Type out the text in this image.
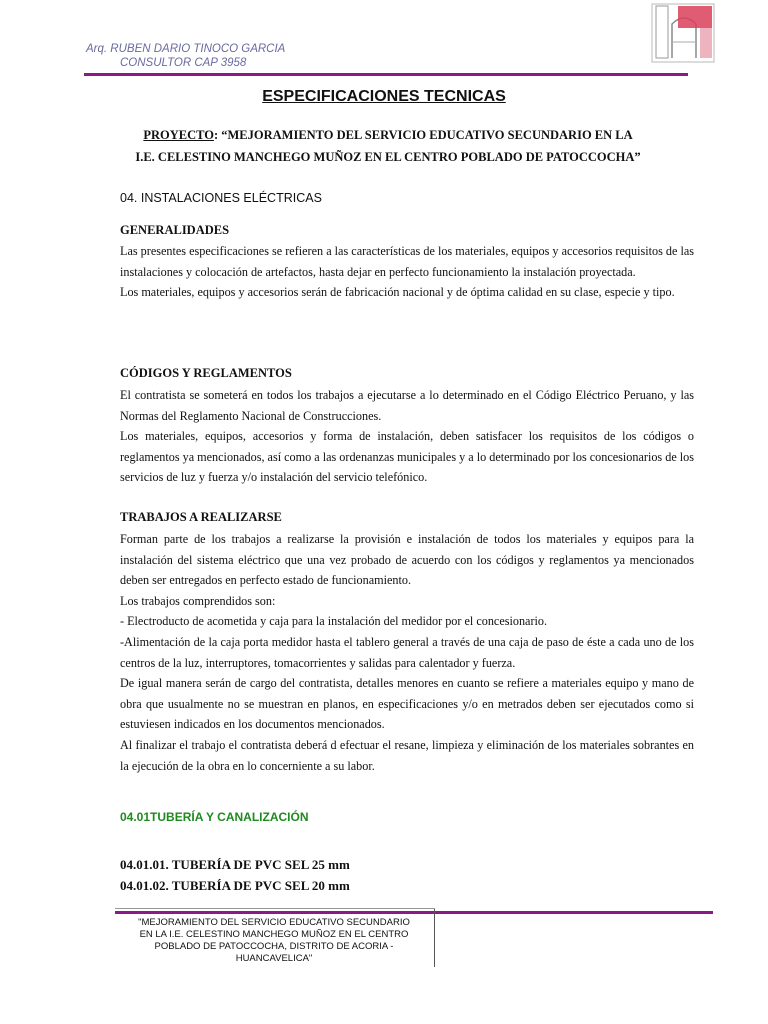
Arq. RUBEN DARIO TINOCO GARCIA
CONSULTOR CAP 3958
ESPECIFICACIONES TECNICAS
PROYECTO: “MEJORAMIENTO DEL SERVICIO EDUCATIVO SECUNDARIO EN LA
I.E. CELESTINO MANCHEGO MUÑOZ EN EL CENTRO POBLADO DE PATOCCOCHA”
04. INSTALACIONES ELÉCTRICAS
GENERALIDADES

Las presentes especificaciones se refieren a las características de los materiales, equipos y accesorios requisitos de las instalaciones y colocación de artefactos, hasta dejar en perfecto funcionamiento la instalación proyectada.

Los materiales, equipos y accesorios serán de fabricación nacional y de óptima calidad en su clase, especie y tipo.

CÓDIGOS Y REGLAMENTOS

El contratista se someterá en todos los trabajos a ejecutarse a lo determinado en el Código Eléctrico Peruano, y las Normas del Reglamento Nacional de Construcciones.

Los materiales, equipos, accesorios y forma de instalación, deben satisfacer los requisitos de los códigos o reglamentos ya mencionados, así como a las ordenanzas municipales y a lo determinado por los concesionarios de los servicios de luz y fuerza y/o instalación del servicio telefónico.

TRABAJOS A REALIZARSE

Forman parte de los trabajos a realizarse la provisión e instalación de todos los materiales y equipos para la instalación del sistema eléctrico que una vez probado de acuerdo con los códigos y reglamentos ya mencionados deben ser entregados en perfecto estado de funcionamiento.

Los trabajos comprendidos son:

- Electroducto de acometida y caja para la instalación del medidor por el concesionario.

-Alimentación de la caja porta medidor hasta el tablero general a través de una caja de paso de éste a cada uno de los centros de la luz, interruptores, tomacorrientes y salidas para calentador y fuerza.

De igual manera serán de cargo del contratista, detalles menores en cuanto se refiere a materiales equipo y mano de obra que usualmente no se muestran en planos, en especificaciones y/o en metrados deben ser ejecutados como si estuviesen indicados en los documentos mencionados.

Al finalizar el trabajo el contratista deberá d efectuar el resane, limpieza y eliminación de los materiales sobrantes en la ejecución de la obra en lo concerniente a su labor.

04.01TUBERÍA Y CANALIZACIÓN
04.01.01. TUBERÍA DE PVC SEL 25 mm
04.01.02. TUBERÍA DE PVC SEL 20 mm
"MEJORAMIENTO DEL SERVICIO EDUCATIVO SECUNDARIO
EN LA I.E. CELESTINO MANCHEGO MUÑOZ EN EL CENTRO
POBLADO DE PATOCCOCHA, DISTRITO DE ACORIA -
HUANCAVELICA"
